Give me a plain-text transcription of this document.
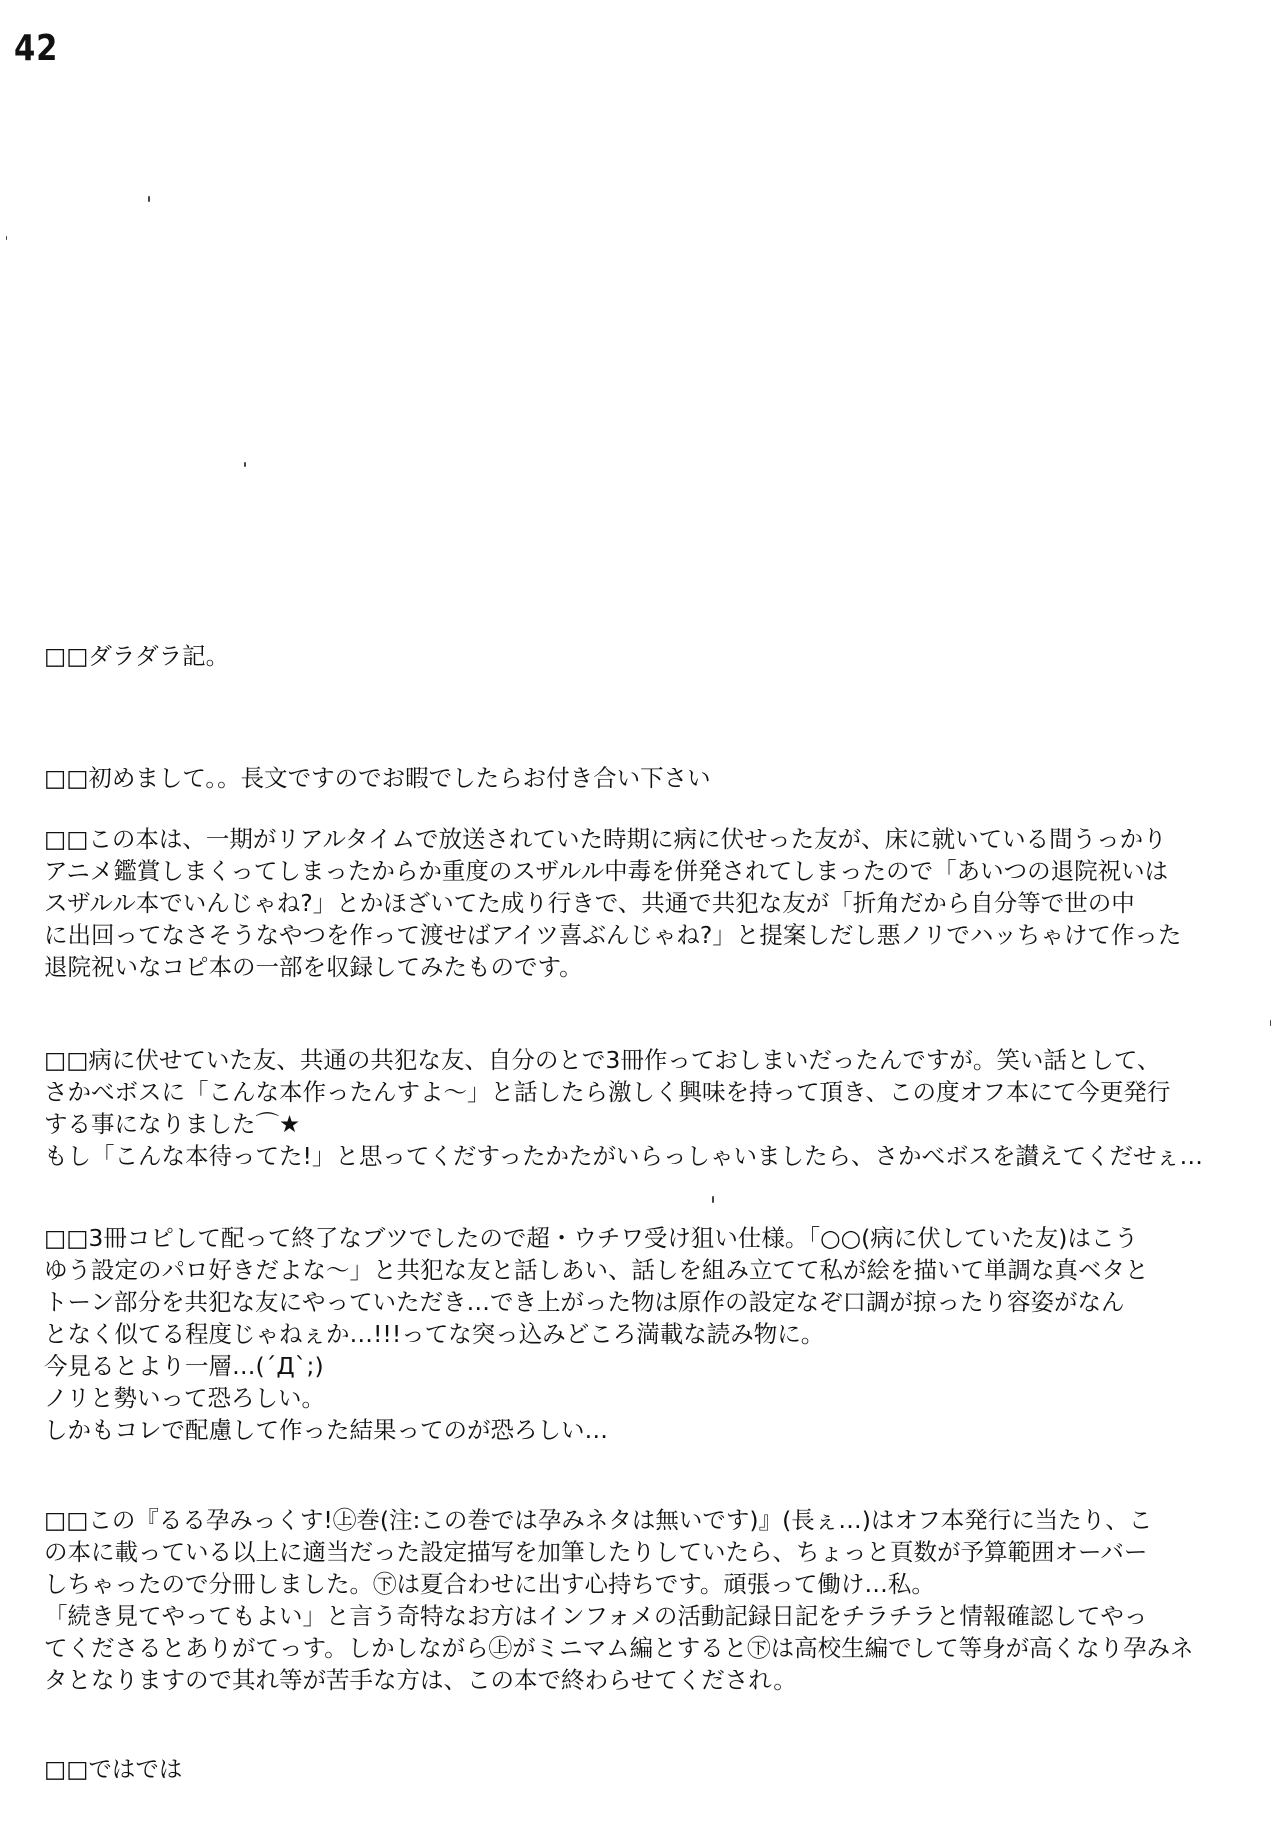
42
□□ダラダラ記。
□□初めまして。。長文ですのでお暇でしたらお付き合い下さい
□□この本は、一期がリアルタイムで放送されていた時期に病に伏せった友が、床に就いている間うっかり
アニメ鑑賞しまくってしまったからか重度のスザルル中毒を併発されてしまったので「あいつの退院祝いは
スザルル本でいんじゃね?」とかほざいてた成り行きで、共通で共犯な友が「折角だから自分等で世の中
に出回ってなさそうなやつを作って渡せばアイツ喜ぶんじゃね?」と提案しだし悪ノリでハッちゃけて作った
退院祝いなコピ本の一部を収録してみたものです。
□□病に伏せていた友、共通の共犯な友、自分のとで3冊作っておしまいだったんですが。笑い話として、
さかべボスに「こんな本作ったんすよ～」と話したら激しく興味を持って頂き、この度オフ本にて今更発行
する事になりました⌒★
もし「こんな本待ってた!」と思ってくだすったかたがいらっしゃいましたら、さかべボスを讃えてくだせぇ…
□□3冊コピして配って終了なブツでしたので超・ウチワ受け狙い仕様。「○○(病に伏していた友)はこう
ゆう設定のパロ好きだよな～」と共犯な友と話しあい、話しを組み立てて私が絵を描いて単調な真ベタと
トーン部分を共犯な友にやっていただき…でき上がった物は原作の設定なぞ口調が掠ったり容姿がなん
となく似てる程度じゃねぇか…!!!ってな突っ込みどころ満載な読み物に。
今見るとより一層…(´Д`;)
ノリと勢いって恐ろしい。
しかもコレで配慮して作った結果ってのが恐ろしい…
□□この『るる孕みっくす!㊤巻(注:この巻では孕みネタは無いです)』(長ぇ…)はオフ本発行に当たり、こ
の本に載っている以上に適当だった設定描写を加筆したりしていたら、ちょっと頁数が予算範囲オーバー
しちゃったので分冊しました。㊦は夏合わせに出す心持ちです。頑張って働け…私。
「続き見てやってもよい」と言う奇特なお方はインフォメの活動記録日記をチラチラと情報確認してやっ
てくださるとありがてっす。しかしながら㊤がミニマム編とすると㊦は高校生編でして等身が高くなり孕みネ
タとなりますので其れ等が苦手な方は、この本で終わらせてくだされ。
□□ではでは
